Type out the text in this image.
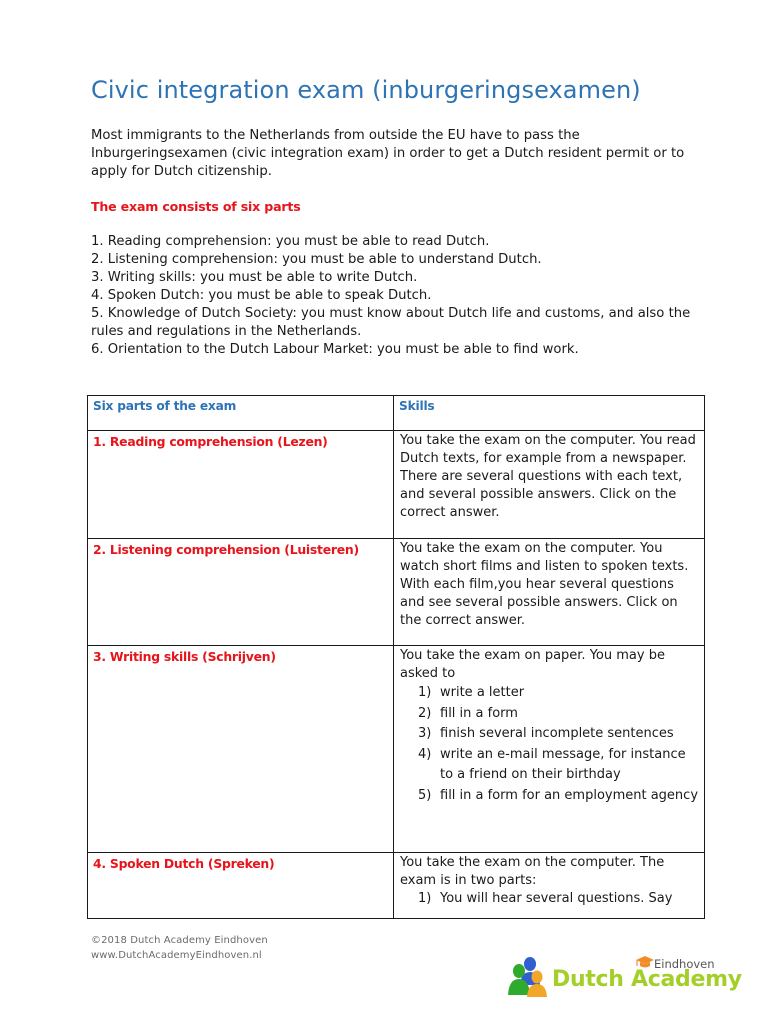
Civic integration exam (inburgeringsexamen)

Most immigrants to the Netherlands from outside the EU have to pass the Inburgeringsexamen (civic integration exam) in order to get a Dutch resident permit or to apply for Dutch citizenship.

The exam consists of six parts
1. Reading comprehension: you must be able to read Dutch.
2. Listening comprehension: you must be able to understand Dutch.
3. Writing skills: you must be able to write Dutch.
4. Spoken Dutch: you must be able to speak Dutch.
5. Knowledge of Dutch Society: you must know about Dutch life and customs, and also the rules and regulations in the Netherlands.
6. Orientation to the Dutch Labour Market: you must be able to find work.
Six parts of the exam	Skills

1. Reading comprehension (Lezen)	You take the exam on the computer. You read Dutch texts, for example from a newspaper. There are several questions with each text, and several possible answers. Click on the correct answer.

2. Listening comprehension (Luisteren)	You take the exam on the computer. You watch short films and listen to spoken texts. With each film,you hear several questions and see several possible answers. Click on the correct answer.

3. Writing skills (Schrijven)	You take the exam on paper. You may be asked to
1) write a letter
2) fill in a form
3) finish several incomplete sentences
4) write an e-mail message, for instance to a friend on their birthday
5) fill in a form for an employment agency

4. Spoken Dutch (Spreken)	You take the exam on the computer. The exam is in two parts:
1) You will hear several questions. Say
©2018 Dutch Academy Eindhoven
www.DutchAcademyEindhoven.nl
Eindhoven
Dutch Academy
